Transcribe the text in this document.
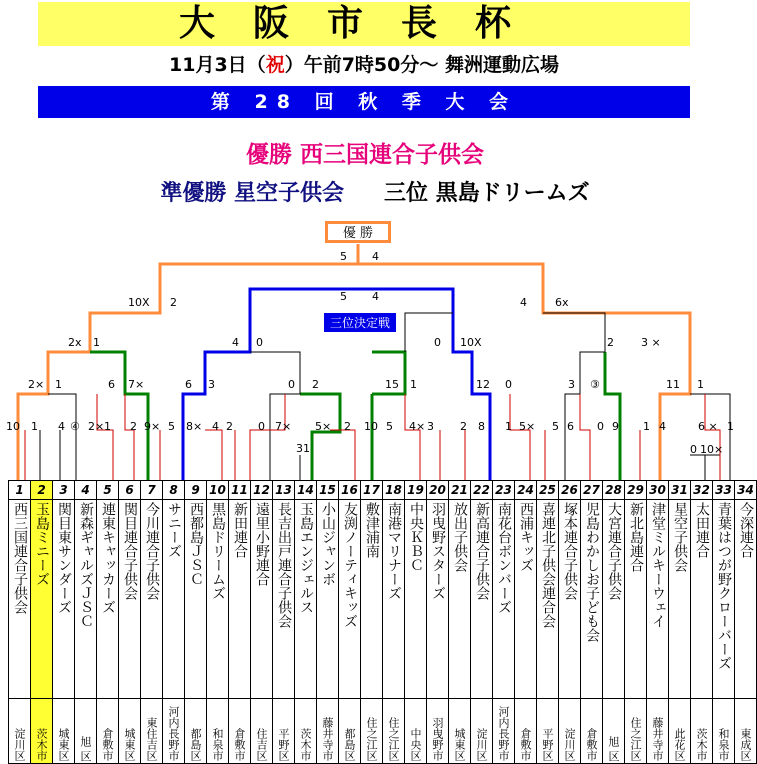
大阪市長杯
11月3日（祝）午前7時50分～ 舞洲運動広場
第 28 回 秋 季 大 会
優勝 西三国連合子供会
準優勝 星空子供会 三位 黒島ドリームズ
優 勝
三位決定戦
5 4
5 4
10X 2	4	6x
2x 1	4 0	0 10X	2 3 ×
2× 1	6 7×	6 3	0 2	15 1	12 0	3 ③	11 1
10 1 4 ④ 2× 1 2 9× 5 8× 4 2 0 7× 5× 2 10 5 4× 3 2 8 1 5× 5 6 0 9 1 4	6 × 1
31	0 10×
1	2	3	4	5	6	7	8	9	10	11	12	13	14	15	16	17	18	19	20	21	22	23	24	25	26	27	28	29	30	31	32	33	34

西三国連合子供会	玉島ミニーズ	関目東サンダーズ	新森ギャルズＪＳＣ	連東キャッカーズ	関目連合子供会	今川連合子供会	サニーズ	西都島ＪＳＣ	黒島ドリームズ	新田連合	遠里小野連合	長吉出戸連合子供会	玉島エンジェルス	小山ジャンボ	友渕ノーティキッズ	敷津浦南	南港マリナーズ	中央ＫＢＣ	羽曳野スターズ	放出子供会	新高連合子供会	南花台ボンバーズ	西浦キッズ	喜連北子供会連合会	塚本連合子供会	児島わかしお子ども会	大宮連合子供会	新北島連合	津堂ミルキーウェイ	星空子供会	太田連合	青葉はつが野クローバーズ	今深連合

淀川区	茨木市	城東区	旭 区	倉敷市	城東区	東住吉区	河内長野市	都島区	和泉市	倉敷市	住吉区	平野区	茨木市	藤井寺市	都島区	住之江区	住之江区	中央区	羽曳野市	城東区	淀川区	河内長野市	倉敷市	平野区	淀川区	倉敷市	旭 区	住之江区	藤井寺市	此花区	茨木市	和泉市	東成区
